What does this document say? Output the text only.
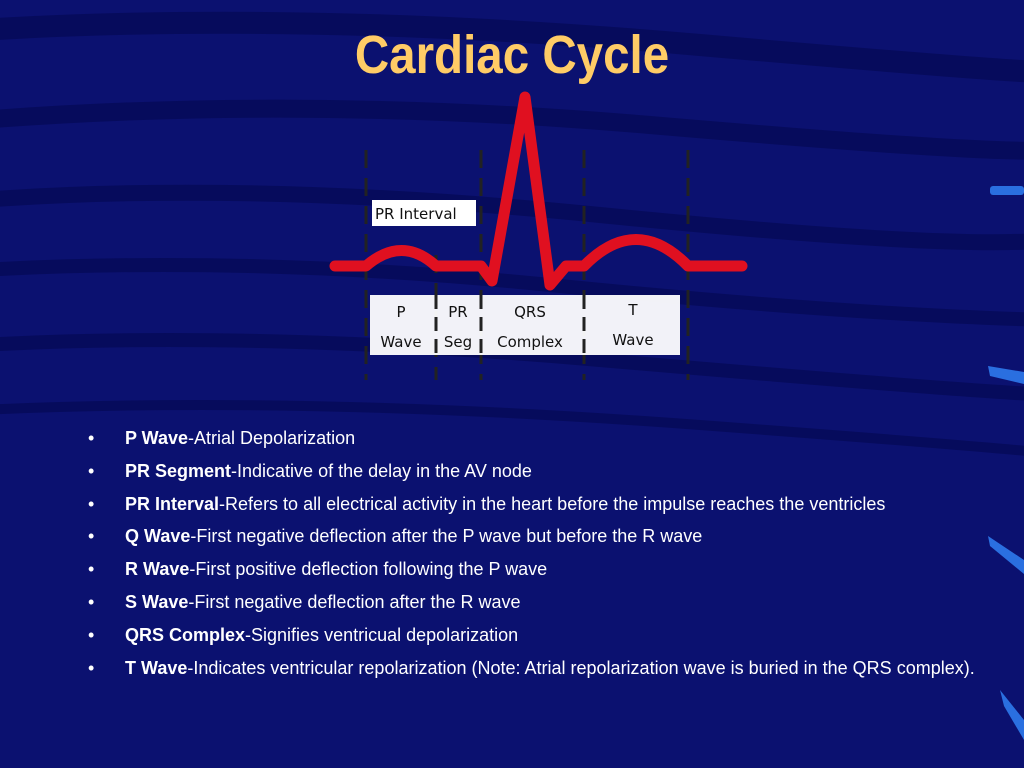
Cardiac Cycle
PR Interval
P
Wave
PR
Seg
QRS
Complex
T
Wave
• P Wave-Atrial Depolarization
• PR Segment-Indicative of the delay in the AV node
• PR Interval-Refers to all electrical activity in the heart before the impulse reaches the ventricles
• Q Wave-First negative deflection after the P wave but before the R wave
• R Wave-First positive deflection following the P wave
• S Wave-First negative deflection after the R wave
• QRS Complex-Signifies ventricual depolarization
• T Wave-Indicates ventricular repolarization (Note: Atrial repolarization wave is buried in the QRS complex).
